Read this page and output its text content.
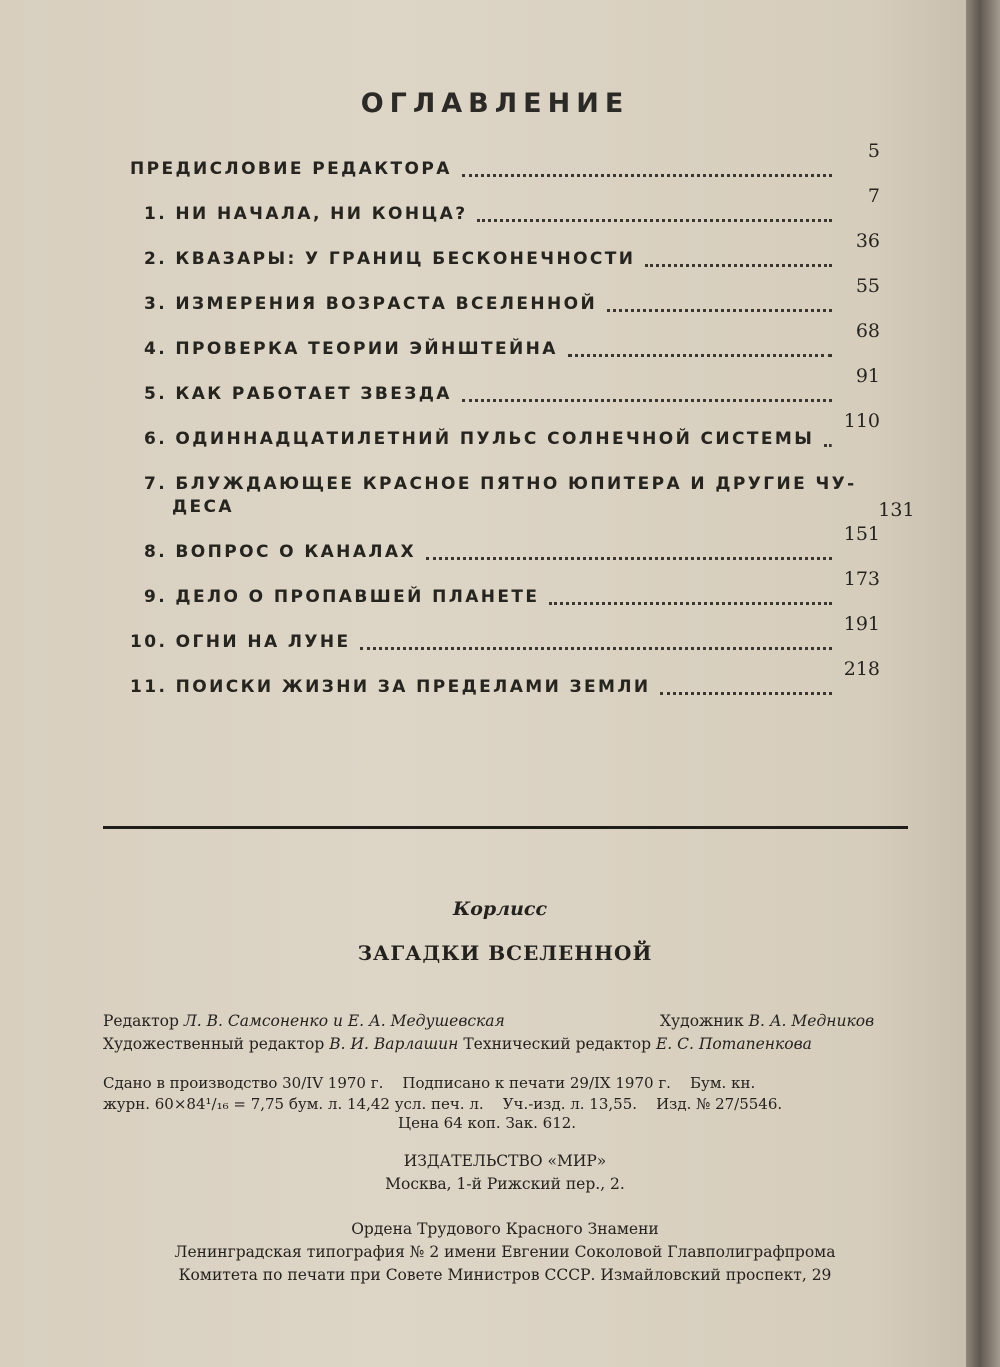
ОГЛАВЛЕНИЕ
ПРЕДИСЛОВИЕ РЕДАКТОРА
5
1. НИ НАЧАЛА, НИ КОНЦА?
7
2. КВАЗАРЫ: У ГРАНИЦ БЕСКОНЕЧНОСТИ
36
3. ИЗМЕРЕНИЯ ВОЗРАСТА ВСЕЛЕННОЙ
55
4. ПРОВЕРКА ТЕОРИИ ЭЙНШТЕЙНА
68
5. КАК РАБОТАЕТ ЗВЕЗДА
91
6. ОДИННАДЦАТИЛЕТНИЙ ПУЛЬС СОЛНЕЧНОЙ СИСТЕМЫ
110
7. БЛУЖДАЮЩЕЕ КРАСНОЕ ПЯТНО ЮПИТЕРА И ДРУГИЕ ЧУ-
ДЕСА	131
8. ВОПРОС О КАНАЛАХ
151
9. ДЕЛО О ПРОПАВШЕЙ ПЛАНЕТЕ
173
10. ОГНИ НА ЛУНЕ
191
11. ПОИСКИ ЖИЗНИ ЗА ПРЕДЕЛАМИ ЗЕМЛИ
218
Корлисс
ЗАГАДКИ ВСЕЛЕННОЙ
Редактор Л. В. Самсоненко и Е. А. Медушевская	Художник В. А. Медников
Художественный редактор В. И. Варлашин Технический редактор Е. С. Потапенкова
Сдано в производство 30/IV 1970 г.    Подписано к печати 29/IX 1970 г.    Бум. кн.
журн. 60×84¹/₁₆ = 7,75 бум. л. 14,42 усл. печ. л.    Уч.-изд. л. 13,55.    Изд. № 27/5546.
Цена 64 коп. Зак. 612.
ИЗДАТЕЛЬСТВО «МИР»
Москва, 1-й Рижский пер., 2.
Ордена Трудового Красного Знамени
Ленинградская типография № 2 имени Евгении Соколовой Главполиграфпрома
Комитета по печати при Совете Министров СССР. Измайловский проспект, 29
